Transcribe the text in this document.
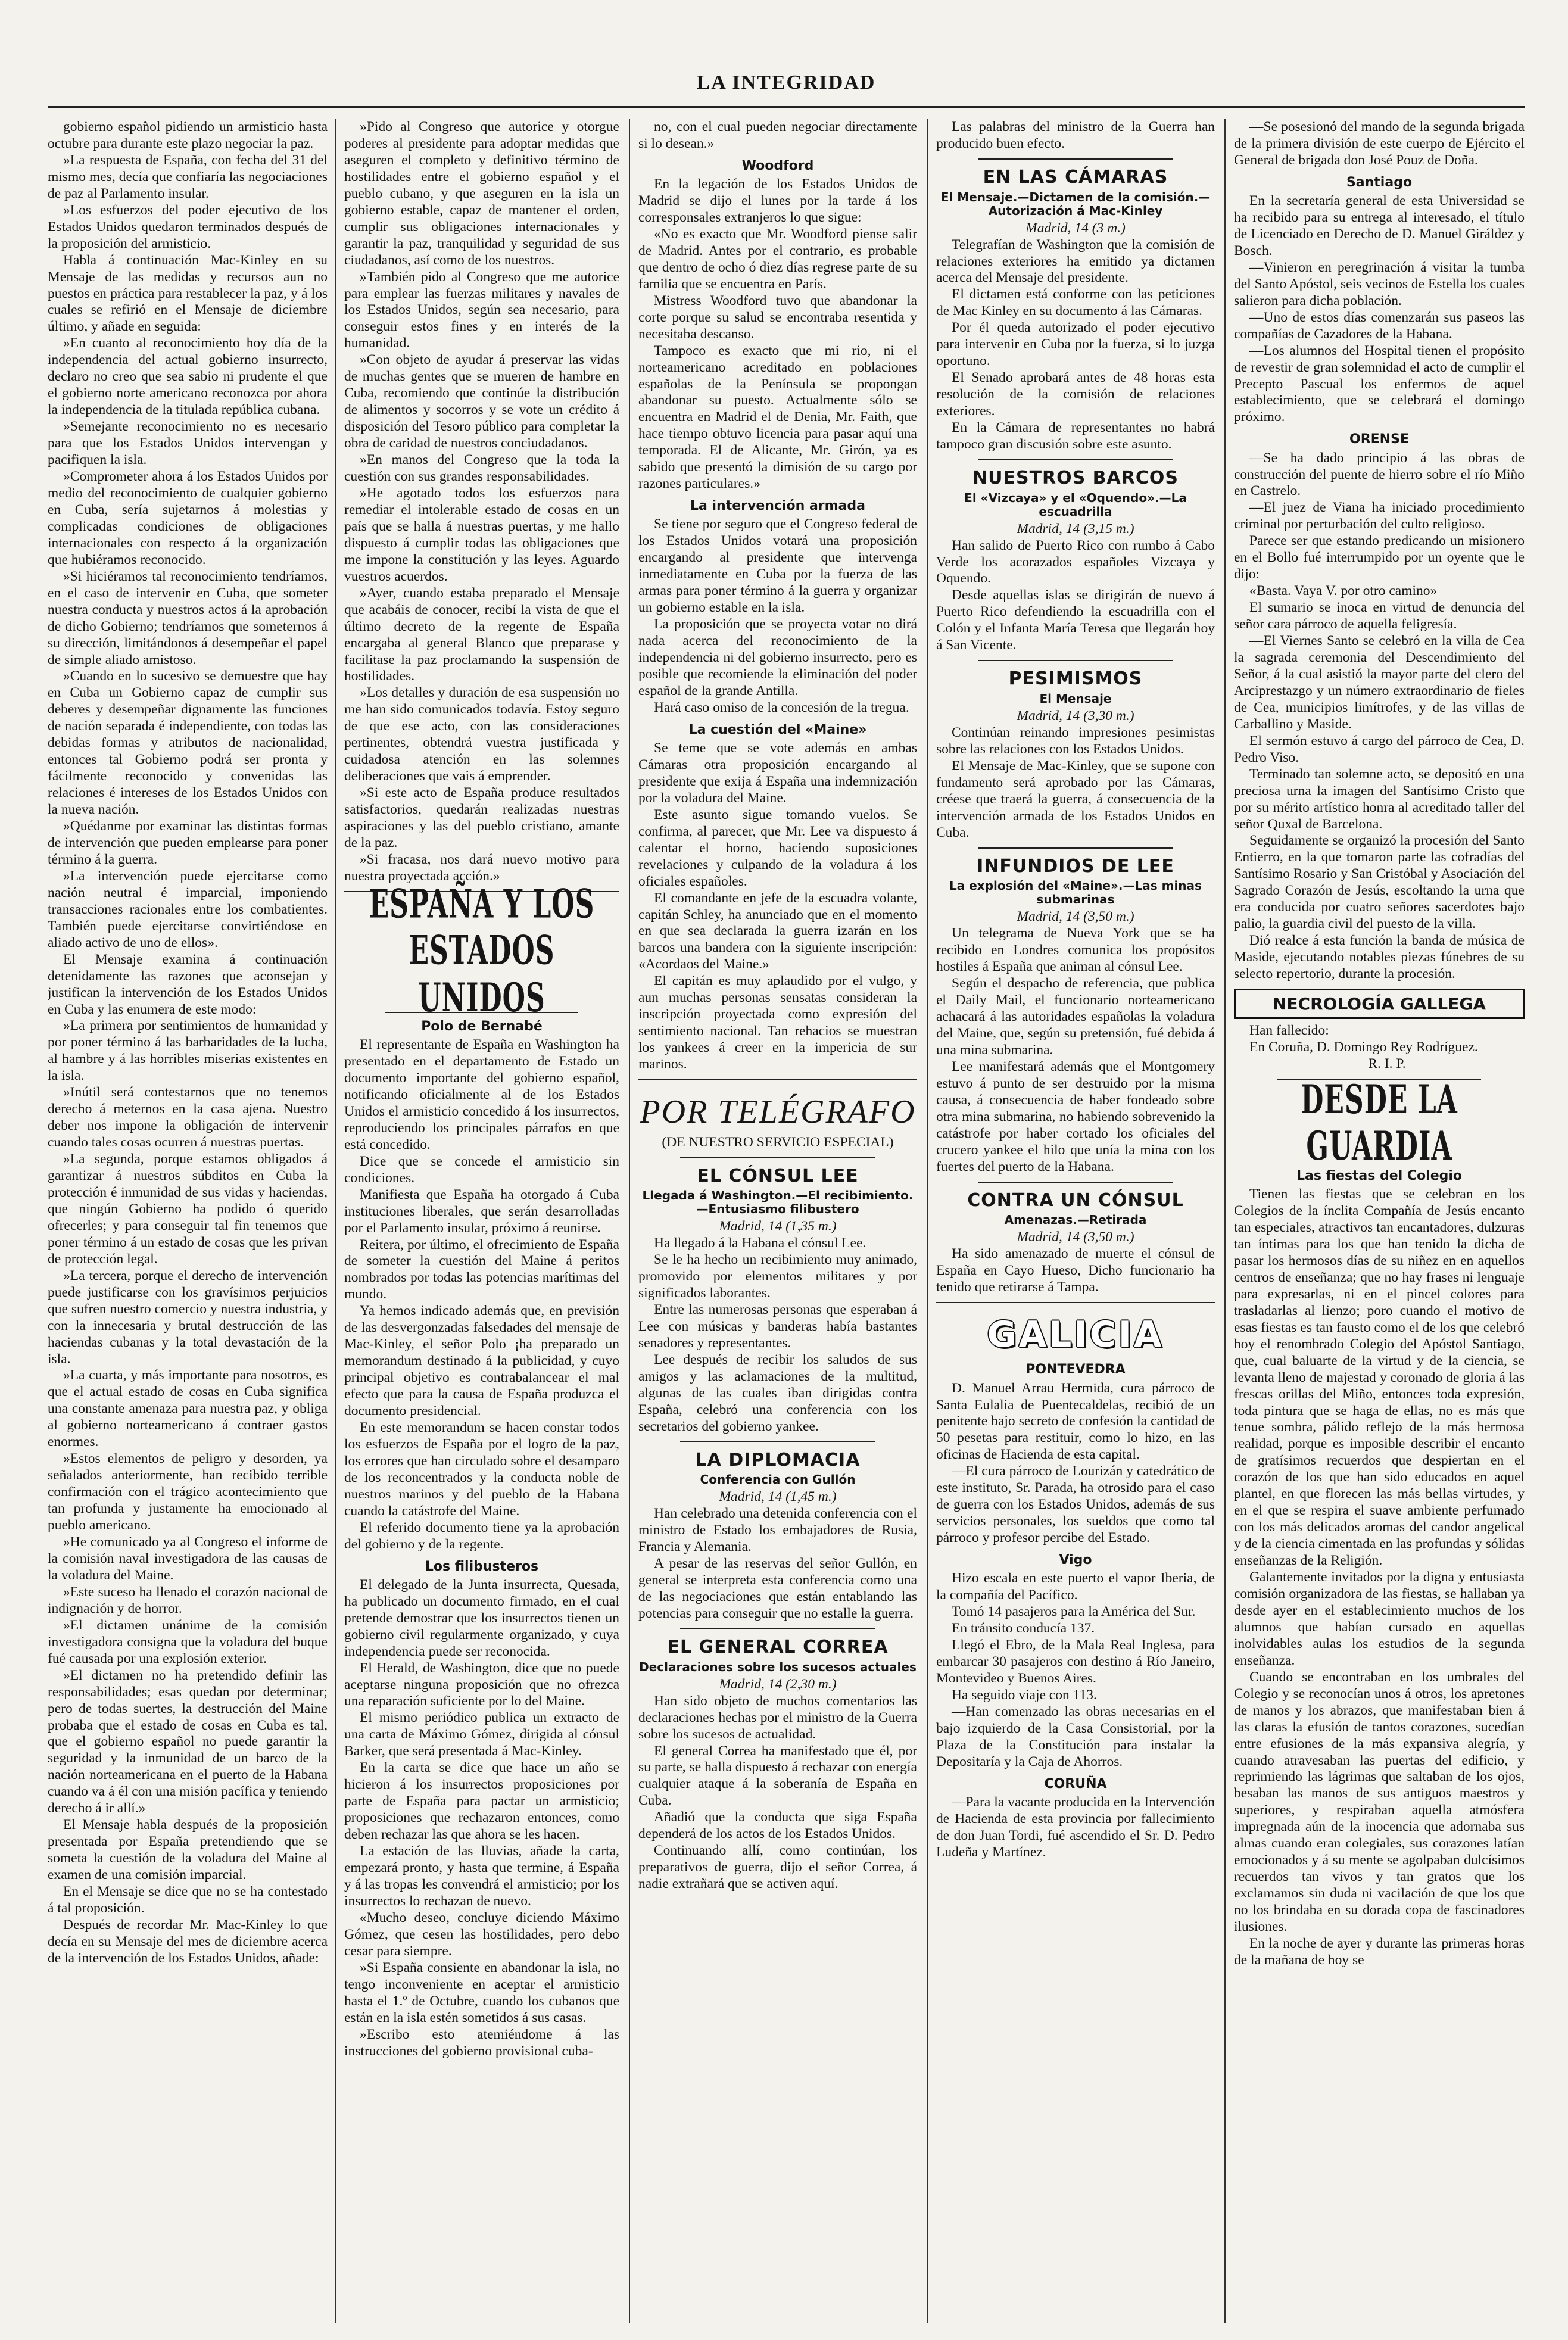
LA INTEGRIDAD

gobierno español pidiendo un armisticio hasta octubre para durante este plazo negociar la paz.

»La respuesta de España, con fecha del 31 del mismo mes, decía que confiaría las negociaciones de paz al Parlamento insular.

»Los esfuerzos del poder ejecutivo de los Estados Unidos quedaron terminados después de la proposición del armisticio.

Habla á continuación Mac-Kinley en su Mensaje de las medidas y recursos aun no puestos en práctica para restablecer la paz, y á los cuales se refirió en el Mensaje de diciembre último, y añade en seguida:

»En cuanto al reconocimiento hoy día de la independencia del actual gobierno insurrecto, declaro no creo que sea sabio ni prudente el que el gobierno norte americano reconozca por ahora la independencia de la titulada república cubana.

»Semejante reconocimiento no es necesario para que los Estados Unidos intervengan y pacifiquen la isla.

»Comprometer ahora á los Estados Unidos por medio del reconocimiento de cualquier gobierno en Cuba, sería sujetarnos á molestias y complicadas condiciones de obligaciones internacionales con respecto á la organización que hubiéramos reconocido.

»Si hiciéramos tal reconocimiento tendríamos, en el caso de intervenir en Cuba, que someter nuestra conducta y nuestros actos á la aprobación de dicho Gobierno; tendríamos que someternos á su dirección, limitándonos á desempeñar el papel de simple aliado amistoso.

»Cuando en lo sucesivo se demuestre que hay en Cuba un Gobierno capaz de cumplir sus deberes y desempeñar dignamente las funciones de nación separada é independiente, con todas las debidas formas y atributos de nacionalidad, entonces tal Gobierno podrá ser pronta y fácilmente reconocido y convenidas las relaciones é intereses de los Estados Unidos con la nueva nación.

»Quédanme por examinar las distintas formas de intervención que pueden emplearse para poner término á la guerra.

»La intervención puede ejercitarse como nación neutral é imparcial, imponiendo transacciones racionales entre los combatientes. También puede ejercitarse convirtiéndose en aliado activo de uno de ellos».

El Mensaje examina á continuación detenidamente las razones que aconsejan y justifican la intervención de los Estados Unidos en Cuba y las enumera de este modo:

»La primera por sentimientos de humanidad y por poner término á las barbaridades de la lucha, al hambre y á las horribles miserias existentes en la isla.

»Inútil será contestarnos que no tenemos derecho á meternos en la casa ajena. Nuestro deber nos impone la obligación de intervenir cuando tales cosas ocurren á nuestras puertas.

»La segunda, porque estamos obligados á garantizar á nuestros súbditos en Cuba la protección é inmunidad de sus vidas y haciendas, que ningún Gobierno ha podido ó querido ofrecerles; y para conseguir tal fin tenemos que poner término á un estado de cosas que les privan de protección legal.

»La tercera, porque el derecho de intervención puede justificarse con los gravísimos perjuicios que sufren nuestro comercio y nuestra industria, y con la innecesaria y brutal destrucción de las haciendas cubanas y la total devastación de la isla.

»La cuarta, y más importante para nosotros, es que el actual estado de cosas en Cuba significa una constante amenaza para nuestra paz, y obliga al gobierno norteamericano á contraer gastos enormes.

»Estos elementos de peligro y desorden, ya señalados anteriormente, han recibido terrible confirmación con el trágico acontecimiento que tan profunda y justamente ha emocionado al pueblo americano.

»He comunicado ya al Congreso el informe de la comisión naval investigadora de las causas de la voladura del Maine.

»Este suceso ha llenado el corazón nacional de indignación y de horror.

»El dictamen unánime de la comisión investigadora consigna que la voladura del buque fué causada por una explosión exterior.

»El dictamen no ha pretendido definir las responsabilidades; esas quedan por determinar; pero de todas suertes, la destrucción del Maine probaba que el estado de cosas en Cuba es tal, que el gobierno español no puede garantir la seguridad y la inmunidad de un barco de la nación norteamericana en el puerto de la Habana cuando va á él con una misión pacífica y teniendo derecho á ir allí.»

El Mensaje habla después de la proposición presentada por España pretendiendo que se someta la cuestión de la voladura del Maine al examen de una comisión imparcial.

En el Mensaje se dice que no se ha contestado á tal proposición.

Después de recordar Mr. Mac-Kinley lo que decía en su Mensaje del mes de diciembre acerca de la intervención de los Estados Unidos, añade:

»Pido al Congreso que autorice y otorgue poderes al presidente para adoptar medidas que aseguren el completo y definitivo término de hostilidades entre el gobierno español y el pueblo cubano, y que aseguren en la isla un gobierno estable, capaz de mantener el orden, cumplir sus obligaciones internacionales y garantir la paz, tranquilidad y seguridad de sus ciudadanos, así como de los nuestros.

»También pido al Congreso que me autorice para emplear las fuerzas militares y navales de los Estados Unidos, según sea necesario, para conseguir estos fines y en interés de la humanidad.

»Con objeto de ayudar á preservar las vidas de muchas gentes que se mueren de hambre en Cuba, recomiendo que continúe la distribución de alimentos y socorros y se vote un crédito á disposición del Tesoro público para completar la obra de caridad de nuestros conciudadanos.

»En manos del Congreso que la toda la cuestión con sus grandes responsabilidades.

»He agotado todos los esfuerzos para remediar el intolerable estado de cosas en un país que se halla á nuestras puertas, y me hallo dispuesto á cumplir todas las obligaciones que me impone la constitución y las leyes. Aguardo vuestros acuerdos.

»Ayer, cuando estaba preparado el Mensaje que acabáis de conocer, recibí la vista de que el último decreto de la regente de España encargaba al general Blanco que preparase y facilitase la paz proclamando la suspensión de hostilidades.

»Los detalles y duración de esa suspensión no me han sido comunicados todavía. Estoy seguro de que ese acto, con las consideraciones pertinentes, obtendrá vuestra justificada y cuidadosa atención en las solemnes deliberaciones que vais á emprender.

»Si este acto de España produce resultados satisfactorios, quedarán realizadas nuestras aspiraciones y las del pueblo cristiano, amante de la paz.

»Si fracasa, nos dará nuevo motivo para nuestra proyectada acción.»

ESPAÑA Y LOS ESTADOS UNIDOS
Polo de Bernabé

El representante de España en Washington ha presentado en el departamento de Estado un documento importante del gobierno español, notificando oficialmente al de los Estados Unidos el armisticio concedido á los insurrectos, reproduciendo los principales párrafos en que está concedido.

Dice que se concede el armisticio sin condiciones.

Manifiesta que España ha otorgado á Cuba instituciones liberales, que serán desarrolladas por el Parlamento insular, próximo á reunirse.

Reitera, por último, el ofrecimiento de España de someter la cuestión del Maine á peritos nombrados por todas las potencias marítimas del mundo.

Ya hemos indicado además que, en previsión de las desvergonzadas falsedades del mensaje de Mac-Kinley, el señor Polo ¡ha preparado un memorandum destinado á la publicidad, y cuyo principal objetivo es contrabalancear el mal efecto que para la causa de España produzca el documento presidencial.

En este memorandum se hacen constar todos los esfuerzos de España por el logro de la paz, los errores que han circulado sobre el desamparo de los reconcentrados y la conducta noble de nuestros marinos y del pueblo de la Habana cuando la catástrofe del Maine.

El referido documento tiene ya la aprobación del gobierno y de la regente.

Los filibusteros

El delegado de la Junta insurrecta, Quesada, ha publicado un documento firmado, en el cual pretende demostrar que los insurrectos tienen un gobierno civil regularmente organizado, y cuya independencia puede ser reconocida.

El Herald, de Washington, dice que no puede aceptarse ninguna proposición que no ofrezca una reparación suficiente por lo del Maine.

El mismo periódico publica un extracto de una carta de Máximo Gómez, dirigida al cónsul Barker, que será presentada á Mac-Kinley.

En la carta se dice que hace un año se hicieron á los insurrectos proposiciones por parte de España para pactar un armisticio; proposiciones que rechazaron entonces, como deben rechazar las que ahora se les hacen.

La estación de las lluvias, añade la carta, empezará pronto, y hasta que termine, á España y á las tropas les convendrá el armisticio; por los insurrectos lo rechazan de nuevo.

«Mucho deseo, concluye diciendo Máximo Gómez, que cesen las hostilidades, pero debo cesar para siempre.

»Si España consiente en abandonar la isla, no tengo inconveniente en aceptar el armisticio hasta el 1.º de Octubre, cuando los cubanos que están en la isla estén sometidos á sus casas.

»Escribo esto atemiéndome á las instrucciones del gobierno provisional cuba-

no, con el cual pueden negociar directamente si lo desean.»

Woodford

En la legación de los Estados Unidos de Madrid se dijo el lunes por la tarde á los corresponsales extranjeros lo que sigue:

«No es exacto que Mr. Woodford piense salir de Madrid. Antes por el contrario, es probable que dentro de ocho ó diez días regrese parte de su familia que se encuentra en París.

Mistress Woodford tuvo que abandonar la corte porque su salud se encontraba resentida y necesitaba descanso.

Tampoco es exacto que mi rio, ni el norteamericano acreditado en poblaciones españolas de la Península se propongan abandonar su puesto. Actualmente sólo se encuentra en Madrid el de Denia, Mr. Faith, que hace tiempo obtuvo licencia para pasar aquí una temporada. El de Alicante, Mr. Girón, ya es sabido que presentó la dimisión de su cargo por razones particulares.»

La intervención armada

Se tiene por seguro que el Congreso federal de los Estados Unidos votará una proposición encargando al presidente que intervenga inmediatamente en Cuba por la fuerza de las armas para poner término á la guerra y organizar un gobierno estable en la isla.

La proposición que se proyecta votar no dirá nada acerca del reconocimiento de la independencia ni del gobierno insurrecto, pero es posible que recomiende la eliminación del poder español de la grande Antilla.

Hará caso omiso de la concesión de la tregua.

La cuestión del «Maine»

Se teme que se vote además en ambas Cámaras otra proposición encargando al presidente que exija á España una indemnización por la voladura del Maine.

Este asunto sigue tomando vuelos. Se confirma, al parecer, que Mr. Lee va dispuesto á calentar el horno, haciendo suposiciones revelaciones y culpando de la voladura á los oficiales españoles.

El comandante en jefe de la escuadra volante, capitán Schley, ha anunciado que en el momento en que sea declarada la guerra izarán en los barcos una bandera con la siguiente inscripción: «Acordaos del Maine.»

El capitán es muy aplaudido por el vulgo, y aun muchas personas sensatas consideran la inscripción proyectada como expresión del sentimiento nacional. Tan rehacios se muestran los yankees á creer en la impericia de sur marinos.

POR TELÉGRAFO

(DE NUESTRO SERVICIO ESPECIAL)

EL CÓNSUL LEE
Llegada á Washington.—El recibimiento.—Entusiasmo filibustero

Madrid, 14 (1,35 m.)

Ha llegado á la Habana el cónsul Lee.

Se le ha hecho un recibimiento muy animado, promovido por elementos militares y por significados laborantes.

Entre las numerosas personas que esperaban á Lee con músicas y banderas había bastantes senadores y representantes.

Lee después de recibir los saludos de sus amigos y las aclamaciones de la multitud, algunas de las cuales iban dirigidas contra España, celebró una conferencia con los secretarios del gobierno yankee.

LA DIPLOMACIA
Conferencia con Gullón

Madrid, 14 (1,45 m.)

Han celebrado una detenida conferencia con el ministro de Estado los embajadores de Rusia, Francia y Alemania.

A pesar de las reservas del señor Gullón, en general se interpreta esta conferencia como una de las negociaciones que están entablando las potencias para conseguir que no estalle la guerra.

EL GENERAL CORREA
Declaraciones sobre los sucesos actuales

Madrid, 14 (2,30 m.)

Han sido objeto de muchos comentarios las declaraciones hechas por el ministro de la Guerra sobre los sucesos de actualidad.

El general Correa ha manifestado que él, por su parte, se halla dispuesto á rechazar con energía cualquier ataque á la soberanía de España en Cuba.

Añadió que la conducta que siga España dependerá de los actos de los Estados Unidos.

Continuando allí, como continúan, los preparativos de guerra, dijo el señor Correa, á nadie extrañará que se activen aquí.

Las palabras del ministro de la Guerra han producido buen efecto.

EN LAS CÁMARAS
El Mensaje.—Dictamen de la comisión.—Autorización á Mac-Kinley

Madrid, 14 (3 m.)

Telegrafían de Washington que la comisión de relaciones exteriores ha emitido ya dictamen acerca del Mensaje del presidente.

El dictamen está conforme con las peticiones de Mac Kinley en su documento á las Cámaras.

Por él queda autorizado el poder ejecutivo para intervenir en Cuba por la fuerza, si lo juzga oportuno.

El Senado aprobará antes de 48 horas esta resolución de la comisión de relaciones exteriores.

En la Cámara de representantes no habrá tampoco gran discusión sobre este asunto.

NUESTROS BARCOS
El «Vizcaya» y el «Oquendo».—La escuadrilla

Madrid, 14 (3,15 m.)

Han salido de Puerto Rico con rumbo á Cabo Verde los acorazados españoles Vizcaya y Oquendo.

Desde aquellas islas se dirigirán de nuevo á Puerto Rico defendiendo la escuadrilla con el Colón y el Infanta María Teresa que llegarán hoy á San Vicente.

PESIMISMOS
El Mensaje

Madrid, 14 (3,30 m.)

Continúan reinando impresiones pesimistas sobre las relaciones con los Estados Unidos.

El Mensaje de Mac-Kinley, que se supone con fundamento será aprobado por las Cámaras, créese que traerá la guerra, á consecuencia de la intervención armada de los Estados Unidos en Cuba.

INFUNDIOS DE LEE
La explosión del «Maine».—Las minas submarinas

Madrid, 14 (3,50 m.)

Un telegrama de Nueva York que se ha recibido en Londres comunica los propósitos hostiles á España que animan al cónsul Lee.

Según el despacho de referencia, que publica el Daily Mail, el funcionario norteamericano achacará á las autoridades españolas la voladura del Maine, que, según su pretensión, fué debida á una mina submarina.

Lee manifestará además que el Montgomery estuvo á punto de ser destruido por la misma causa, á consecuencia de haber fondeado sobre otra mina submarina, no habiendo sobrevenido la catástrofe por haber cortado los oficiales del crucero yankee el hilo que unía la mina con los fuertes del puerto de la Habana.

CONTRA UN CÓNSUL
Amenazas.—Retirada

Madrid, 14 (3,50 m.)

Ha sido amenazado de muerte el cónsul de España en Cayo Hueso, Dicho funcionario ha tenido que retirarse á Tampa.

GALICIA
PONTEVEDRA

D. Manuel Arrau Hermida, cura párroco de Santa Eulalia de Puentecaldelas, recibió de un penitente bajo secreto de confesión la cantidad de 50 pesetas para restituir, como lo hizo, en las oficinas de Hacienda de esta capital.

—El cura párroco de Lourizán y catedrático de este instituto, Sr. Parada, ha otrosido para el caso de guerra con los Estados Unidos, además de sus servicios personales, los sueldos que como tal párroco y profesor percibe del Estado.

Vigo

Hizo escala en este puerto el vapor Iberia, de la compañía del Pacífico.

Tomó 14 pasajeros para la América del Sur.

En tránsito conducía 137.

Llegó el Ebro, de la Mala Real Inglesa, para embarcar 30 pasajeros con destino á Río Janeiro, Montevideo y Buenos Aires.

Ha seguido viaje con 113.

—Han comenzado las obras necesarias en el bajo izquierdo de la Casa Consistorial, por la Plaza de la Constitución para instalar la Depositaría y la Caja de Ahorros.

CORUÑA

—Para la vacante producida en la Intervención de Hacienda de esta provincia por fallecimiento de don Juan Tordi, fué ascendido el Sr. D. Pedro Ludeña y Martínez.

—Se posesionó del mando de la segunda brigada de la primera división de este cuerpo de Ejército el General de brigada don José Pouz de Doña.

Santiago

En la secretaría general de esta Universidad se ha recibido para su entrega al interesado, el título de Licenciado en Derecho de D. Manuel Giráldez y Bosch.

—Vinieron en peregrinación á visitar la tumba del Santo Apóstol, seis vecinos de Estella los cuales salieron para dicha población.

—Uno de estos días comenzarán sus paseos las compañías de Cazadores de la Habana.

—Los alumnos del Hospital tienen el propósito de revestir de gran solemnidad el acto de cumplir el Precepto Pascual los enfermos de aquel establecimiento, que se celebrará el domingo próximo.

ORENSE

—Se ha dado principio á las obras de construcción del puente de hierro sobre el río Miño en Castrelo.

—El juez de Viana ha iniciado procedimiento criminal por perturbación del culto religioso.

Parece ser que estando predicando un misionero en el Bollo fué interrumpido por un oyente que le dijo:

«Basta. Vaya V. por otro camino»

El sumario se inoca en virtud de denuncia del señor cara párroco de aquella feligresía.

—El Viernes Santo se celebró en la villa de Cea la sagrada ceremonia del Descendimiento del Señor, á la cual asistió la mayor parte del clero del Arciprestazgo y un número extraordinario de fieles de Cea, municipios limítrofes, y de las villas de Carballino y Maside.

El sermón estuvo á cargo del párroco de Cea, D. Pedro Viso.

Terminado tan solemne acto, se depositó en una preciosa urna la imagen del Santísimo Cristo que por su mérito artístico honra al acreditado taller del señor Quxal de Barcelona.

Seguidamente se organizó la procesión del Santo Entierro, en la que tomaron parte las cofradías del Santísimo Rosario y San Cristóbal y Asociación del Sagrado Corazón de Jesús, escoltando la urna que era conducida por cuatro señores sacerdotes bajo palio, la guardia civil del puesto de la villa.

Dió realce á esta función la banda de música de Maside, ejecutando notables piezas fúnebres de su selecto repertorio, durante la procesión.

NECROLOGÍA GALLEGA

Han fallecido:

En Coruña, D. Domingo Rey Rodríguez.

R. I. P.

DESDE LA GUARDIA
Las fiestas del Colegio

Tienen las fiestas que se celebran en los Colegios de la ínclita Compañía de Jesús encanto tan especiales, atractivos tan encantadores, dulzuras tan íntimas para los que han tenido la dicha de pasar los hermosos días de su niñez en en aquellos centros de enseñanza; que no hay frases ni lenguaje para expresarlas, ni en el pincel colores para trasladarlas al lienzo; poro cuando el motivo de esas fiestas es tan fausto como el de los que celebró hoy el renombrado Colegio del Apóstol Santiago, que, cual baluarte de la virtud y de la ciencia, se levanta lleno de majestad y coronado de gloria á las frescas orillas del Miño, entonces toda expresión, toda pintura que se haga de ellas, no es más que tenue sombra, pálido reflejo de la más hermosa realidad, porque es imposible describir el encanto de gratísimos recuerdos que despiertan en el corazón de los que han sido educados en aquel plantel, en que florecen las más bellas virtudes, y en el que se respira el suave ambiente perfumado con los más delicados aromas del candor angelical y de la ciencia cimentada en las profundas y sólidas enseñanzas de la Religión.

Galantemente invitados por la digna y entusiasta comisión organizadora de las fiestas, se hallaban ya desde ayer en el establecimiento muchos de los alumnos que habían cursado en aquellas inolvidables aulas los estudios de la segunda enseñanza.

Cuando se encontraban en los umbrales del Colegio y se reconocían unos á otros, los apretones de manos y los abrazos, que manifestaban bien á las claras la efusión de tantos corazones, sucedían entre efusiones de la más expansiva alegría, y cuando atravesaban las puertas del edificio, y reprimiendo las lágrimas que saltaban de los ojos, besaban las manos de sus antiguos maestros y superiores, y respiraban aquella atmósfera impregnada aún de la inocencia que adornaba sus almas cuando eran colegiales, sus corazones latían emocionados y á su mente se agolpaban dulcísimos recuerdos tan vivos y tan gratos que los exclamamos sin duda ni vacilación de que los que no los brindaba en su dorada copa de fascinadores ilusiones.

En la noche de ayer y durante las primeras horas de la mañana de hoy se
